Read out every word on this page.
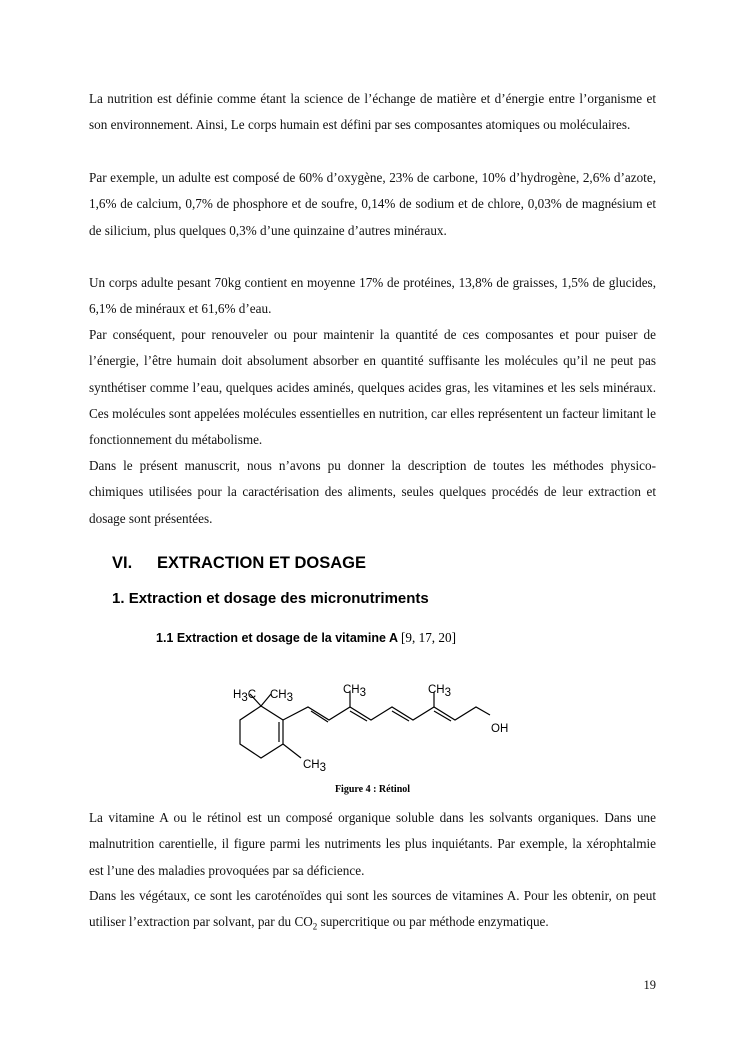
La nutrition est définie comme étant la science de l’échange de matière et d’énergie entre l’organisme et son environnement. Ainsi, Le corps humain est défini par ses composantes atomiques ou moléculaires.

Par exemple, un adulte est composé de 60% d’oxygène, 23% de carbone, 10% d’hydrogène, 2,6% d’azote, 1,6% de calcium, 0,7% de phosphore et de soufre, 0,14% de sodium et de chlore, 0,03% de magnésium et de silicium, plus quelques 0,3% d’une quinzaine d’autres minéraux.

Un corps adulte pesant 70kg contient en moyenne 17% de protéines, 13,8% de graisses, 1,5% de glucides, 6,1% de minéraux et 61,6% d’eau.

Par conséquent, pour renouveler ou pour maintenir la quantité de ces composantes et pour puiser de l’énergie, l’être humain doit absolument absorber en quantité suffisante les molécules qu’il ne peut pas synthétiser comme l’eau, quelques acides aminés, quelques acides gras, les vitamines et les sels minéraux. Ces molécules sont appelées molécules essentielles en nutrition, car elles représentent un facteur limitant le fonctionnement du métabolisme.

Dans le présent manuscrit, nous n’avons pu donner la description de toutes les méthodes physico-chimiques utilisées pour la caractérisation des aliments, seules quelques procédés de leur extraction et dosage sont présentées.

VI. EXTRACTION ET DOSAGE
1. Extraction et dosage des micronutriments
1.1 Extraction et dosage de la vitamine A [9, 17, 20]
H3C CH3
CH3	CH3
CH3
OH
Figure 4 : Rétinol

La vitamine A ou le rétinol est un composé organique soluble dans les solvants organiques. Dans une malnutrition carentielle, il figure parmi les nutriments les plus inquiétants. Par exemple, la xérophtalmie est l’une des maladies provoquées par sa déficience.

Dans les végétaux, ce sont les caroténoïdes qui sont les sources de vitamines A. Pour les obtenir, on peut utiliser l’extraction par solvant, par du $CO_2$ supercritique ou par méthode enzymatique.

19
